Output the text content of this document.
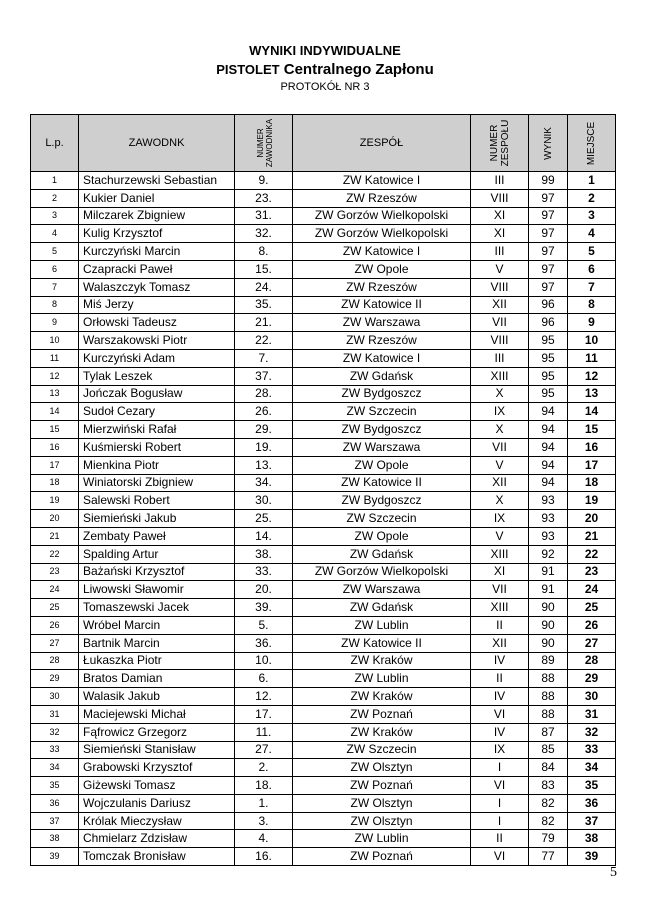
WYNIKI INDYWIDUALNE
PISTOLET Centralnego Zapłonu
PROTOKÓŁ NR 3
L.p.	ZAWODNK	NUMER ZAWODNIKA	ZESPÓŁ	NUMER ZESPOŁU	WYNIK	MIEJSCE
1	Stachurzewski Sebastian	9.	ZW Katowice I	III	99	1
2	Kukier Daniel	23.	ZW Rzeszów	VIII	97	2
3	Milczarek Zbigniew	31.	ZW Gorzów Wielkopolski	XI	97	3
4	Kulig Krzysztof	32.	ZW Gorzów Wielkopolski	XI	97	4
5	Kurczyński Marcin	8.	ZW Katowice I	III	97	5
6	Czapracki Paweł	15.	ZW Opole	V	97	6
7	Walaszczyk Tomasz	24.	ZW Rzeszów	VIII	97	7
8	Miś Jerzy	35.	ZW Katowice II	XII	96	8
9	Orłowski Tadeusz	21.	ZW Warszawa	VII	96	9
10	Warszakowski Piotr	22.	ZW Rzeszów	VIII	95	10
11	Kurczyński Adam	7.	ZW Katowice I	III	95	11
12	Tylak Leszek	37.	ZW Gdańsk	XIII	95	12
13	Jończak Bogusław	28.	ZW Bydgoszcz	X	95	13
14	Sudoł Cezary	26.	ZW Szczecin	IX	94	14
15	Mierzwiński Rafał	29.	ZW Bydgoszcz	X	94	15
16	Kuśmierski Robert	19.	ZW Warszawa	VII	94	16
17	Mienkina Piotr	13.	ZW Opole	V	94	17
18	Winiatorski Zbigniew	34.	ZW Katowice II	XII	94	18
19	Salewski Robert	30.	ZW Bydgoszcz	X	93	19
20	Siemieński Jakub	25.	ZW Szczecin	IX	93	20
21	Zembaty Paweł	14.	ZW Opole	V	93	21
22	Spalding Artur	38.	ZW Gdańsk	XIII	92	22
23	Bażański Krzysztof	33.	ZW Gorzów Wielkopolski	XI	91	23
24	Liwowski Sławomir	20.	ZW Warszawa	VII	91	24
25	Tomaszewski Jacek	39.	ZW Gdańsk	XIII	90	25
26	Wróbel Marcin	5.	ZW Lublin	II	90	26
27	Bartnik Marcin	36.	ZW Katowice II	XII	90	27
28	Łukaszka Piotr	10.	ZW Kraków	IV	89	28
29	Bratos Damian	6.	ZW Lublin	II	88	29
30	Walasik Jakub	12.	ZW Kraków	IV	88	30
31	Maciejewski Michał	17.	ZW Poznań	VI	88	31
32	Fąfrowicz Grzegorz	11.	ZW Kraków	IV	87	32
33	Siemieński Stanisław	27.	ZW Szczecin	IX	85	33
34	Grabowski Krzysztof	2.	ZW Olsztyn	I	84	34
35	Giżewski Tomasz	18.	ZW Poznań	VI	83	35
36	Wojczulanis Dariusz	1.	ZW Olsztyn	I	82	36
37	Królak Mieczysław	3.	ZW Olsztyn	I	82	37
38	Chmielarz Zdzisław	4.	ZW Lublin	II	79	38
39	Tomczak Bronisław	16.	ZW Poznań	VI	77	39
5
